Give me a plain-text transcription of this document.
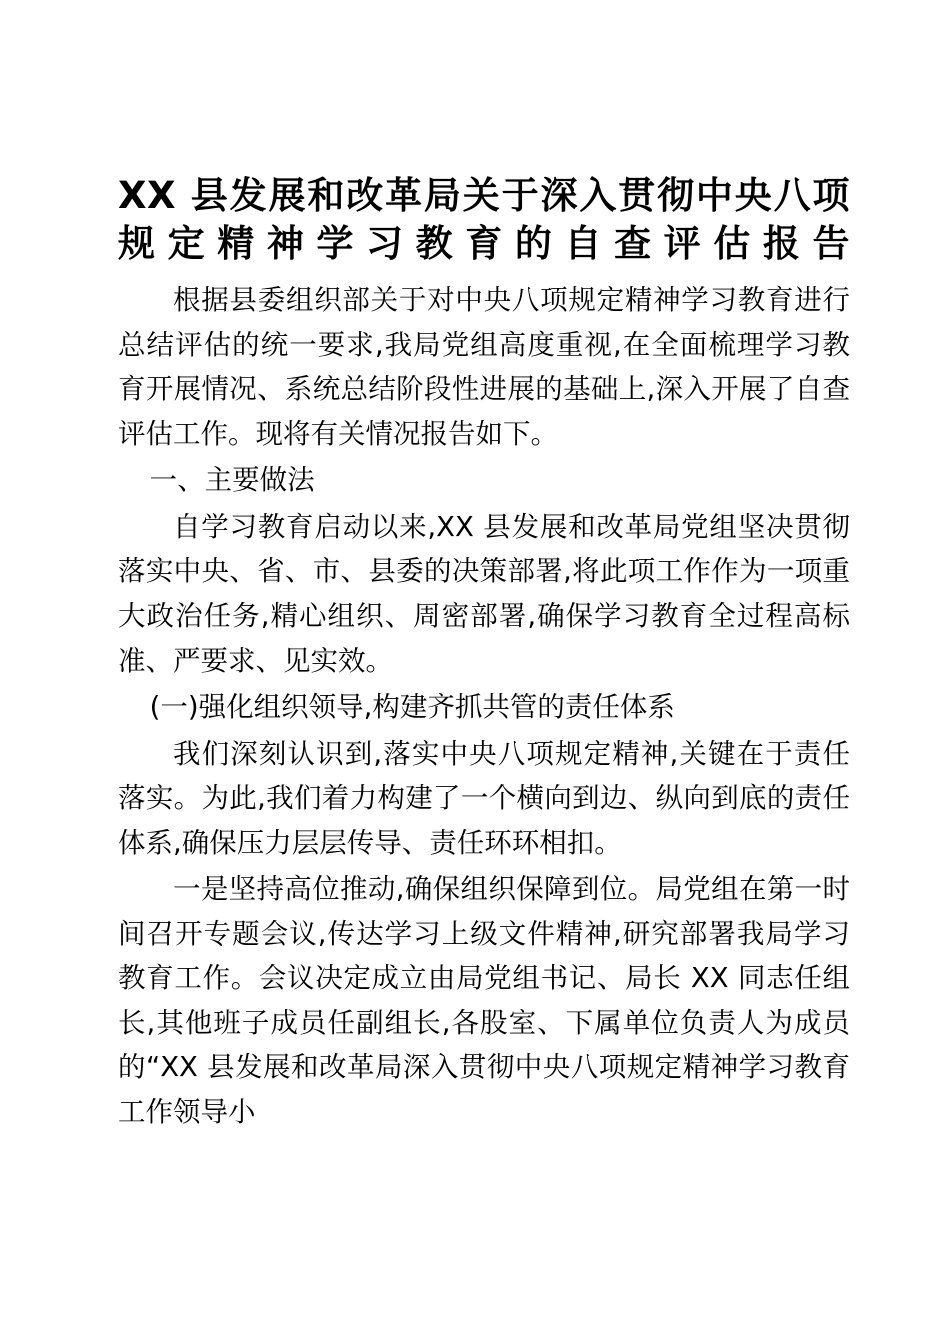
XX 县发展和改革局关于深入贯彻中央八项规定精神学习教育的自查评估报告

根据县委组织部关于对中央八项规定精神学习教育进行总结评估的统一要求,我局党组高度重视,在全面梳理学习教育开展情况、系统总结阶段性进展的基础上,深入开展了自查评估工作。现将有关情况报告如下。

一、主要做法

自学习教育启动以来,XX 县发展和改革局党组坚决贯彻落实中央、省、市、县委的决策部署,将此项工作作为一项重大政治任务,精心组织、周密部署,确保学习教育全过程高标准、严要求、见实效。

(一)强化组织领导,构建齐抓共管的责任体系

我们深刻认识到,落实中央八项规定精神,关键在于责任落实。为此,我们着力构建了一个横向到边、纵向到底的责任体系,确保压力层层传导、责任环环相扣。

一是坚持高位推动,确保组织保障到位。局党组在第一时间召开专题会议,传达学习上级文件精神,研究部署我局学习教育工作。会议决定成立由局党组书记、局长 XX 同志任组长,其他班子成员任副组长,各股室、下属单位负责人为成员的“XX 县发展和改革局深入贯彻中央八项规定精神学习教育工作领导小
